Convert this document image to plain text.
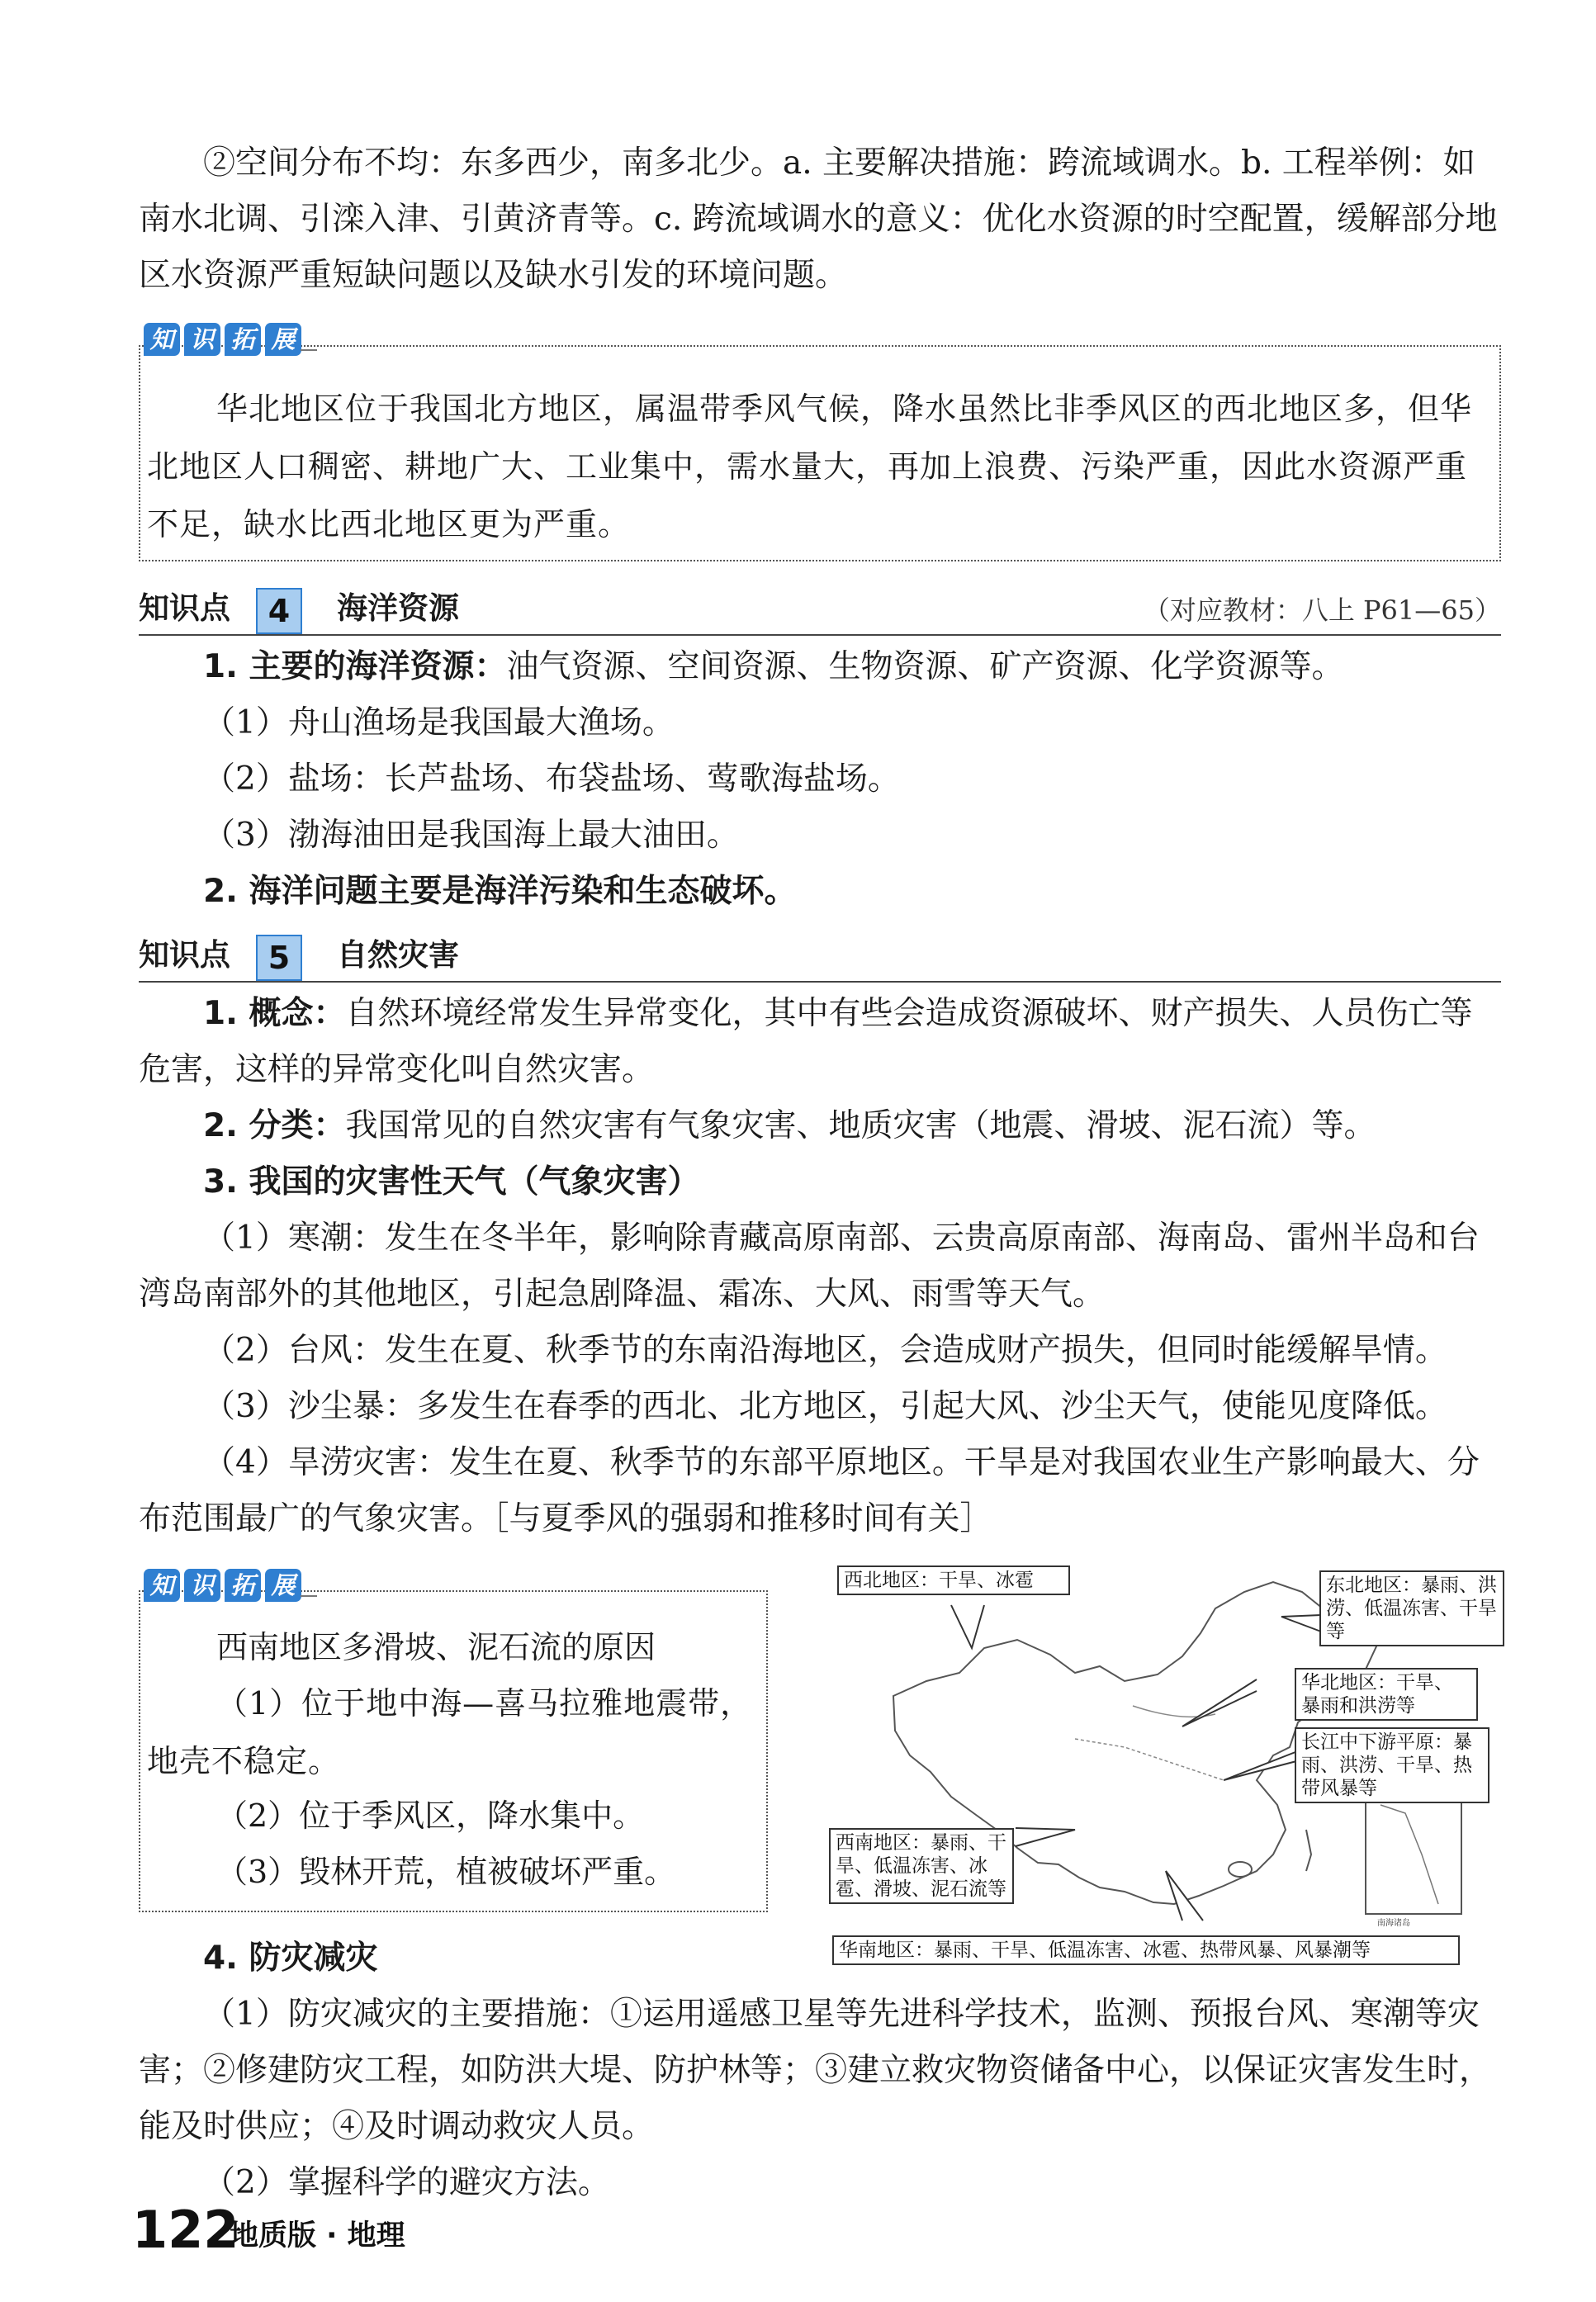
②空间分布不均：东多西少，南多北少。a. 主要解决措施：跨流域调水。b. 工程举例：如南水北调、引滦入津、引黄济青等。c. 跨流域调水的意义：优化水资源的时空配置，缓解部分地区水资源严重短缺问题以及缺水引发的环境问题。

华北地区位于我国北方地区，属温带季风气候，降水虽然比非季风区的西北地区多，但华北地区人口稠密、耕地广大、工业集中，需水量大，再加上浪费、污染严重，因此水资源严重不足，缺水比西北地区更为严重。

知 识 拓 展
知识点	4	海洋资源	（对应教材：八上 P61—65）

1. 主要的海洋资源：油气资源、空间资源、生物资源、矿产资源、化学资源等。

（1）舟山渔场是我国最大渔场。

（2）盐场：长芦盐场、布袋盐场、莺歌海盐场。

（3）渤海油田是我国海上最大油田。

2. 海洋问题主要是海洋污染和生态破坏。

知识点	5	自然灾害

1. 概念：自然环境经常发生异常变化，其中有些会造成资源破坏、财产损失、人员伤亡等危害，这样的异常变化叫自然灾害。

2. 分类：我国常见的自然灾害有气象灾害、地质灾害（地震、滑坡、泥石流）等。

3. 我国的灾害性天气（气象灾害）

（1）寒潮：发生在冬半年，影响除青藏高原南部、云贵高原南部、海南岛、雷州半岛和台湾岛南部外的其他地区，引起急剧降温、霜冻、大风、雨雪等天气。

（2）台风：发生在夏、秋季节的东南沿海地区，会造成财产损失，但同时能缓解旱情。

（3）沙尘暴：多发生在春季的西北、北方地区，引起大风、沙尘天气，使能见度降低。

（4）旱涝灾害：发生在夏、秋季节的东部平原地区。干旱是对我国农业生产影响最大、分布范围最广的气象灾害。［与夏季风的强弱和推移时间有关］

西南地区多滑坡、泥石流的原因

（1）位于地中海—喜马拉雅地震带，地壳不稳定。

（2）位于季风区，降水集中。

（3）毁林开荒，植被破坏严重。

知 识 拓 展	西北地区：干旱、冰雹	东北地区：暴雨、洪涝、低温冻害、干旱等
华北地区：干旱、暴雨和洪涝等
长江中下游平原：暴雨、洪涝、干旱、热带风暴等
西南地区：暴雨、干旱、低温冻害、冰雹、滑坡、泥石流等
华南地区：暴雨、干旱、低温冻害、冰雹、热带风暴、风暴潮等
南海诸岛

4. 防灾减灾

（1）防灾减灾的主要措施：①运用遥感卫星等先进科学技术，监测、预报台风、寒潮等灾害；②修建防灾工程，如防洪大堤、防护林等；③建立救灾物资储备中心，以保证灾害发生时，能及时供应；④及时调动救灾人员。

（2）掌握科学的避灾方法。

122
地质版 · 地理
